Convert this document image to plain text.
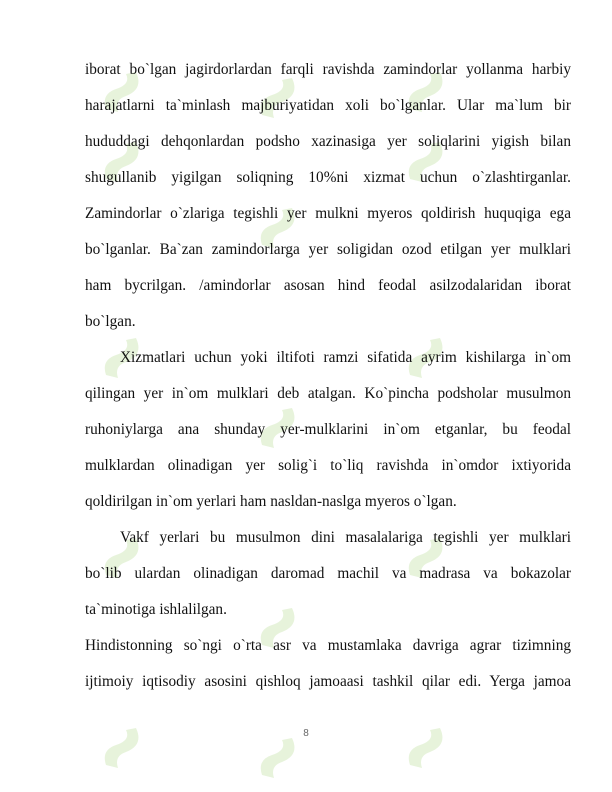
iborat bo`lgan jagirdorlardan farqli ravishda zamindorlar yollanma harbiy
harajatlarni ta`minlash majburiyatidan xoli bo`lganlar. Ular ma`lum bir
hududdagi dehqonlardan podsho xazinasiga yer soliqlarini yigish bilan
shugullanib yigilgan soliqning 10%ni xizmat uchun o`zlashtirganlar.
Zamindorlar o`zlariga tegishli yer mulkni myeros qoldirish huquqiga ega
bo`lganlar. Ba`zan zamindorlarga yer soligidan ozod etilgan yer mulklari
ham bycrilgan. /amindorlar asosan hind feodal asilzodalaridan iborat
bo`lgan.
Xizmatlari uchun yoki iltifoti ramzi sifatida ayrim kishilarga in`om
qilingan yer in`om mulklari deb atalgan. Ko`pincha podsholar musulmon
ruhoniylarga ana shunday yer-mulklarini in`om etganlar, bu feodal
mulklardan olinadigan yer solig`i to`liq ravishda in`omdor ixtiyorida
qoldirilgan in`om yerlari ham nasldan-naslga myeros o`lgan.
Vakf yerlari bu musulmon dini masalalariga tegishli yer mulklari
bo`lib ulardan olinadigan daromad machil va madrasa va bokazolar
ta`minotiga ishlalilgan.
Hindistonning so`ngi o`rta asr va mustamlaka davriga agrar tizimning
ijtimoiy iqtisodiy asosini qishloq jamoaasi tashkil qilar edi. Yerga jamoa
8
